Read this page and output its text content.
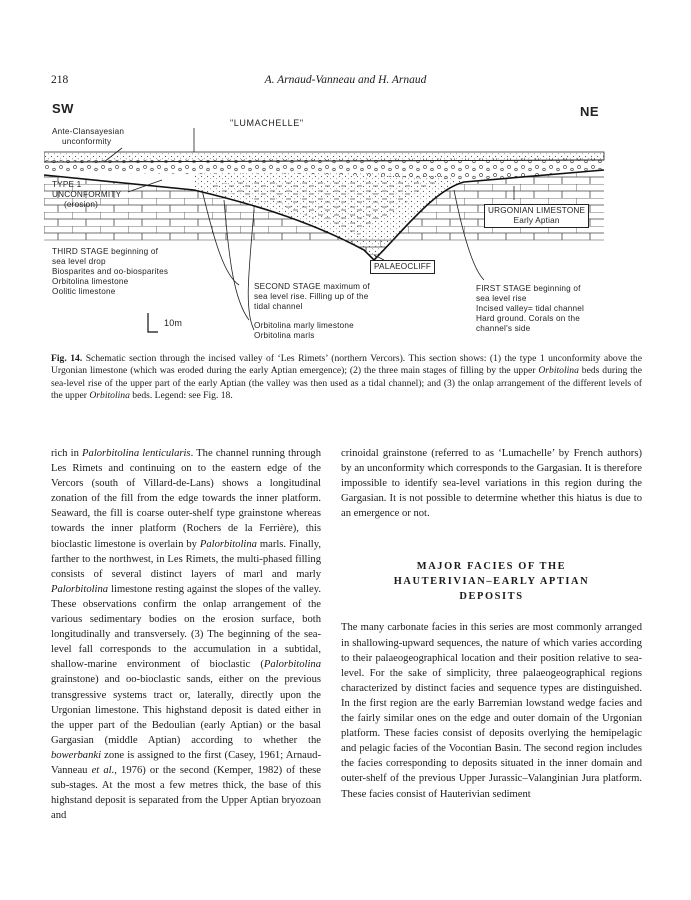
218	A. Arnaud-Vanneau and H. Arnaud
SW	NE
"LUMACHELLE"
Ante-Clansayesian
unconformity
TYPE 1
UNCONFORMITY
(erosion)
URGONIAN LIMESTONE
Early Aptian
THIRD STAGE beginning of
sea level drop
Biosparites and oo-biosparites
Orbitolina limestone
Oolitic limestone
10m
PALAEOCLIFF
SECOND STAGE maximum of
sea level rise. Filling up of the
tidal channel
Orbitolina marly limestone
Orbitolina marls
FIRST STAGE beginning of
sea level rise
Incised valley= tidal channel
Hard ground. Corals on the
channel's side
Fig. 14. Schematic section through the incised valley of ‘Les Rimets’ (northern Vercors). This section shows: (1) the type 1 unconformity above the Urgonian limestone (which was eroded during the early Aptian emergence); (2) the three main stages of filling by the upper Orbitolina beds during the sea-level rise of the upper part of the early Aptian (the valley was then used as a tidal channel); and (3) the onlap arrangement of the different levels of the upper Orbitolina beds. Legend: see Fig. 18.

rich in Palorbitolina lenticularis. The channel running through Les Rimets and continuing on to the eastern edge of the Vercors (south of Villard-de-Lans) shows a longitudinal zonation of the fill from the edge towards the inner platform. Seaward, the fill is coarse outer-shelf type grainstone whereas towards the inner platform (Rochers de la Ferrière), this bioclastic limestone is overlain by Palorbitolina marls. Finally, farther to the northwest, in Les Rimets, the multi-phased filling consists of several distinct layers of marl and marly Palorbitolina limestone resting against the slopes of the valley. These observations confirm the onlap arrangement of the various sedimentary bodies on the erosion surface, both longitudinally and transversely. (3) The beginning of the sea-level fall corresponds to the accumulation in a subtidal, shallow-marine environment of bioclastic (Palorbitolina grainstone) and oo-bioclastic sands, either on the previous transgressive systems tract or, laterally, directly upon the Urgonian limestone. This highstand deposit is dated either in the upper part of the Bedoulian (early Aptian) or the basal Gargasian (middle Aptian) according to whether the bowerbanki zone is assigned to the first (Casey, 1961; Arnaud-Vanneau et al., 1976) or the second (Kemper, 1982) of these sub-stages. At the most a few metres thick, the base of this highstand deposit is separated from the Upper Aptian bryozoan and

crinoidal grainstone (referred to as ‘Lumachelle’ by French authors) by an unconformity which corresponds to the Gargasian. It is therefore impossible to identify sea-level variations in this region during the Gargasian. It is not possible to determine whether this hiatus is due to an emergence or not.

MAJOR FACIES OF THE
HAUTERIVIAN–EARLY APTIAN
DEPOSITS

The many carbonate facies in this series are most commonly arranged in shallowing-upward sequences, the nature of which varies according to their palaeogeographical location and their position relative to sea-level. For the sake of simplicity, three palaeogeographical regions characterized by distinct facies and sequence types are distinguished. In the first region are the early Barremian lowstand wedge facies and the fairly similar ones on the edge and outer domain of the Urgonian platform. These facies consist of deposits overlying the hemipelagic and pelagic facies of the Vocontian Basin. The second region includes the facies corresponding to deposits situated in the inner domain and outer-shelf of the previous Upper Jurassic–Valanginian Jura platform. These facies consist of Hauterivian sediment
